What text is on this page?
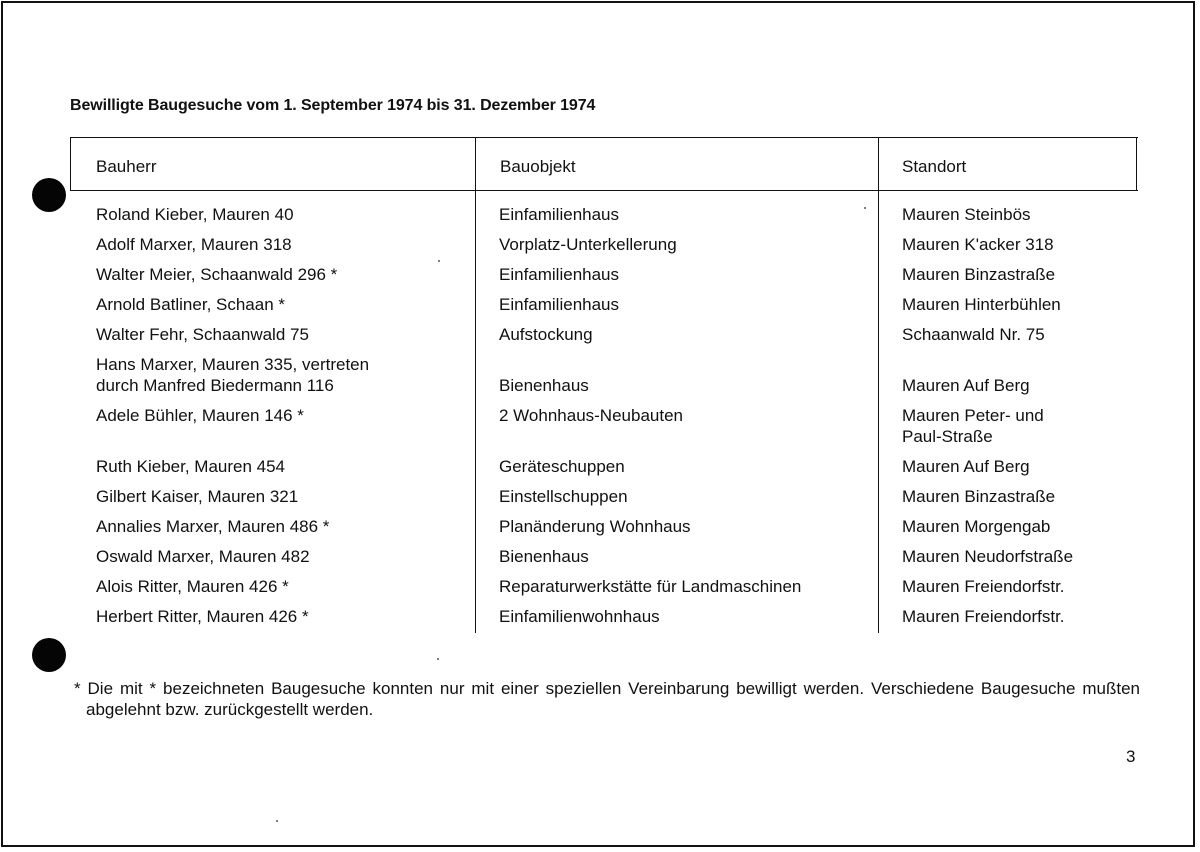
Bewilligte Baugesuche vom 1. September 1974 bis 31. Dezember 1974
Bauherr	Bauobjekt	Standort
Roland Kieber, Mauren 40	Einfamilienhaus	Mauren Steinbös
Adolf Marxer, Mauren 318	Vorplatz-Unterkellerung	Mauren K'acker 318
Walter Meier, Schaanwald 296 *	Einfamilienhaus	Mauren Binzastraße
Arnold Batliner, Schaan *	Einfamilienhaus	Mauren Hinterbühlen
Walter Fehr, Schaanwald 75	Aufstockung	Schaanwald Nr. 75
Hans Marxer, Mauren 335, vertreten
durch Manfred Biedermann 116	Bienenhaus	Mauren Auf Berg
Adele Bühler, Mauren 146 *	2 Wohnhaus-Neubauten	Mauren Peter- und
Paul-Straße
Ruth Kieber, Mauren 454	Geräteschuppen	Mauren Auf Berg
Gilbert Kaiser, Mauren 321	Einstellschuppen	Mauren Binzastraße
Annalies Marxer, Mauren 486 *	Planänderung Wohnhaus	Mauren Morgengab
Oswald Marxer, Mauren 482	Bienenhaus	Mauren Neudorfstraße
Alois Ritter, Mauren 426 *	Reparaturwerkstätte für Landmaschinen	Mauren Freiendorfstr.
Herbert Ritter, Mauren 426 *	Einfamilienwohnhaus	Mauren Freiendorfstr.
* Die mit * bezeichneten Baugesuche konnten nur mit einer speziellen Vereinbarung bewilligt werden. Verschiedene Baugesuche mußten abgelehnt bzw. zurückgestellt werden.
3
